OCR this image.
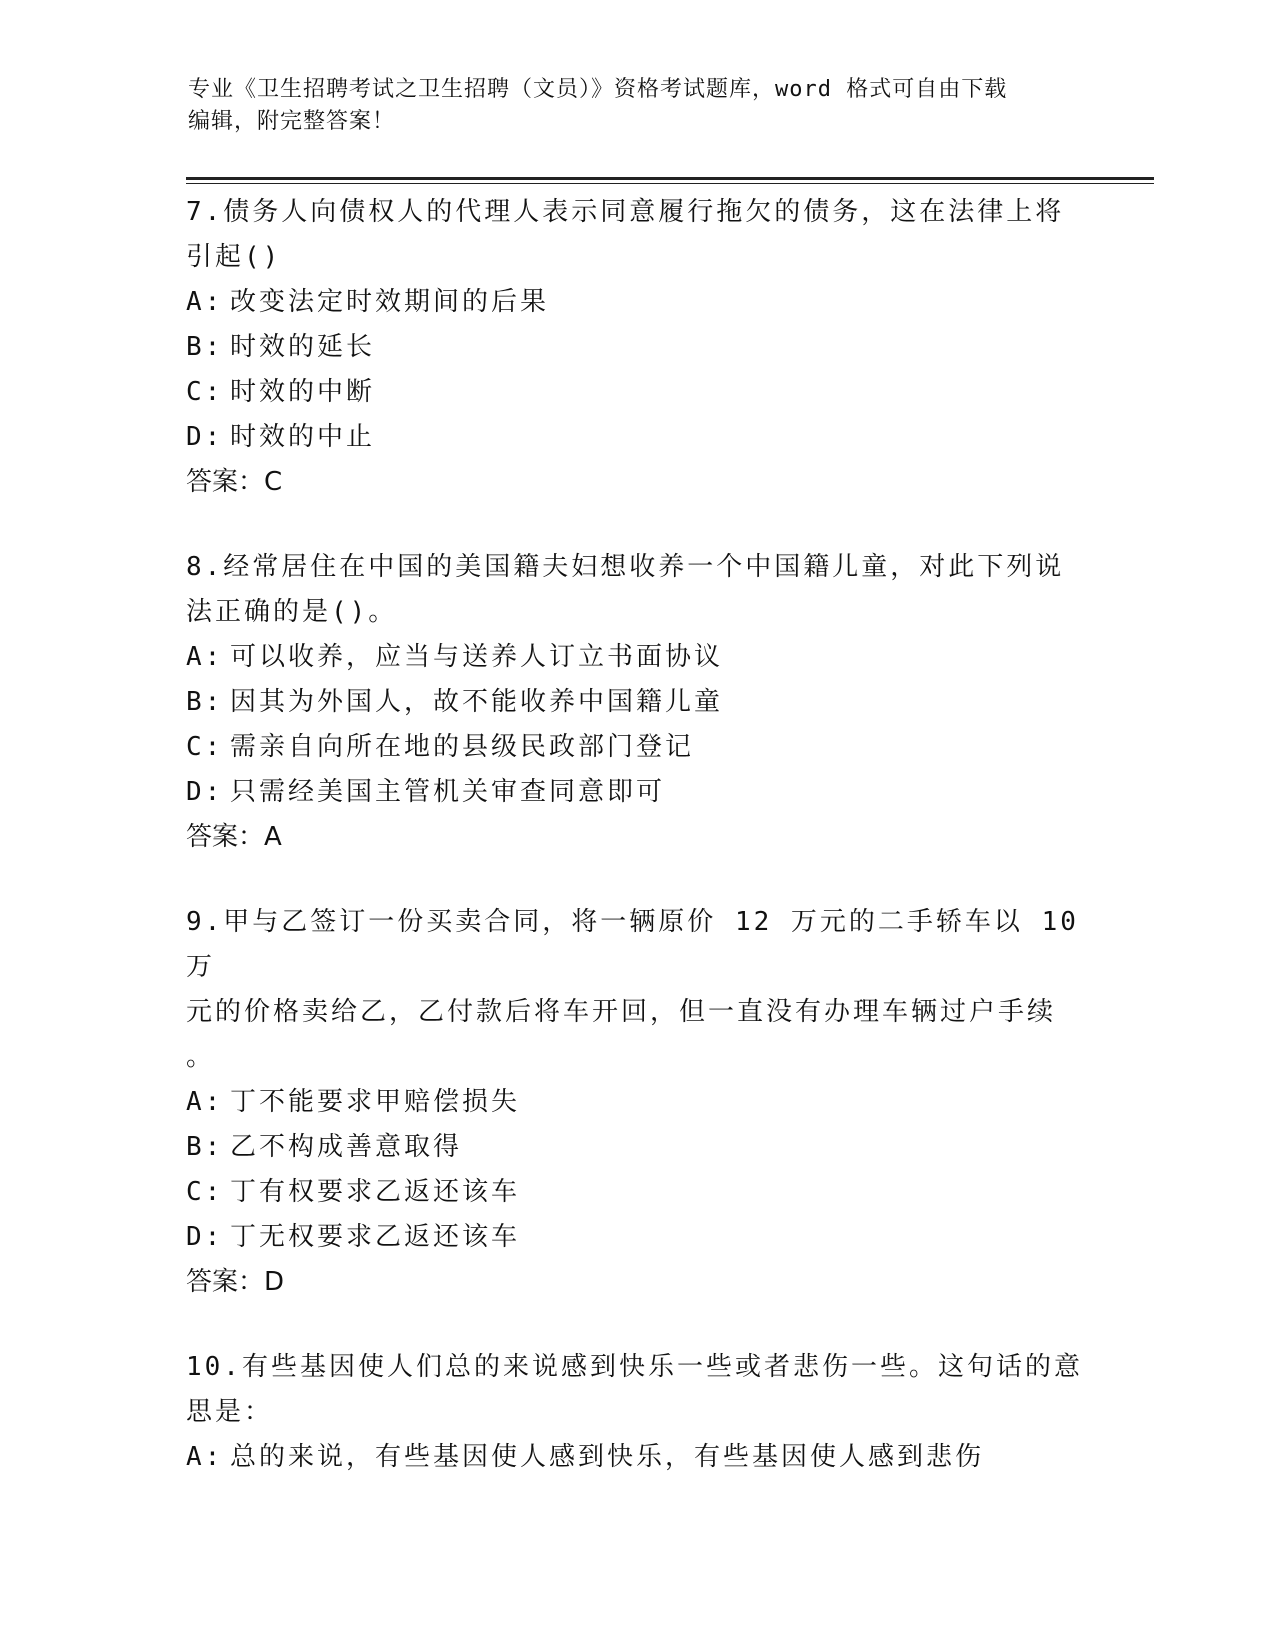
专业《卫生招聘考试之卫生招聘（文员）》资格考试题库，word 格式可自由下载
编辑，附完整答案！

7.债务人向债权人的代理人表示同意履行拖欠的债务，这在法律上将

引起()

A: 改变法定时效期间的后果

B: 时效的延长

C: 时效的中断

D: 时效的中止

答案：C

8.经常居住在中国的美国籍夫妇想收养一个中国籍儿童，对此下列说

法正确的是()。

A: 可以收养，应当与送养人订立书面协议

B: 因其为外国人，故不能收养中国籍儿童

C: 需亲自向所在地的县级民政部门登记

D: 只需经美国主管机关审查同意即可

答案：A

9.甲与乙签订一份买卖合同，将一辆原价 12 万元的二手轿车以 10 万

元的价格卖给乙，乙付款后将车开回，但一直没有办理车辆过户手续

。

A: 丁不能要求甲赔偿损失

B: 乙不构成善意取得

C: 丁有权要求乙返还该车

D: 丁无权要求乙返还该车

答案：D

10.有些基因使人们总的来说感到快乐一些或者悲伤一些。这句话的意

思是：

A: 总的来说，有些基因使人感到快乐，有些基因使人感到悲伤
